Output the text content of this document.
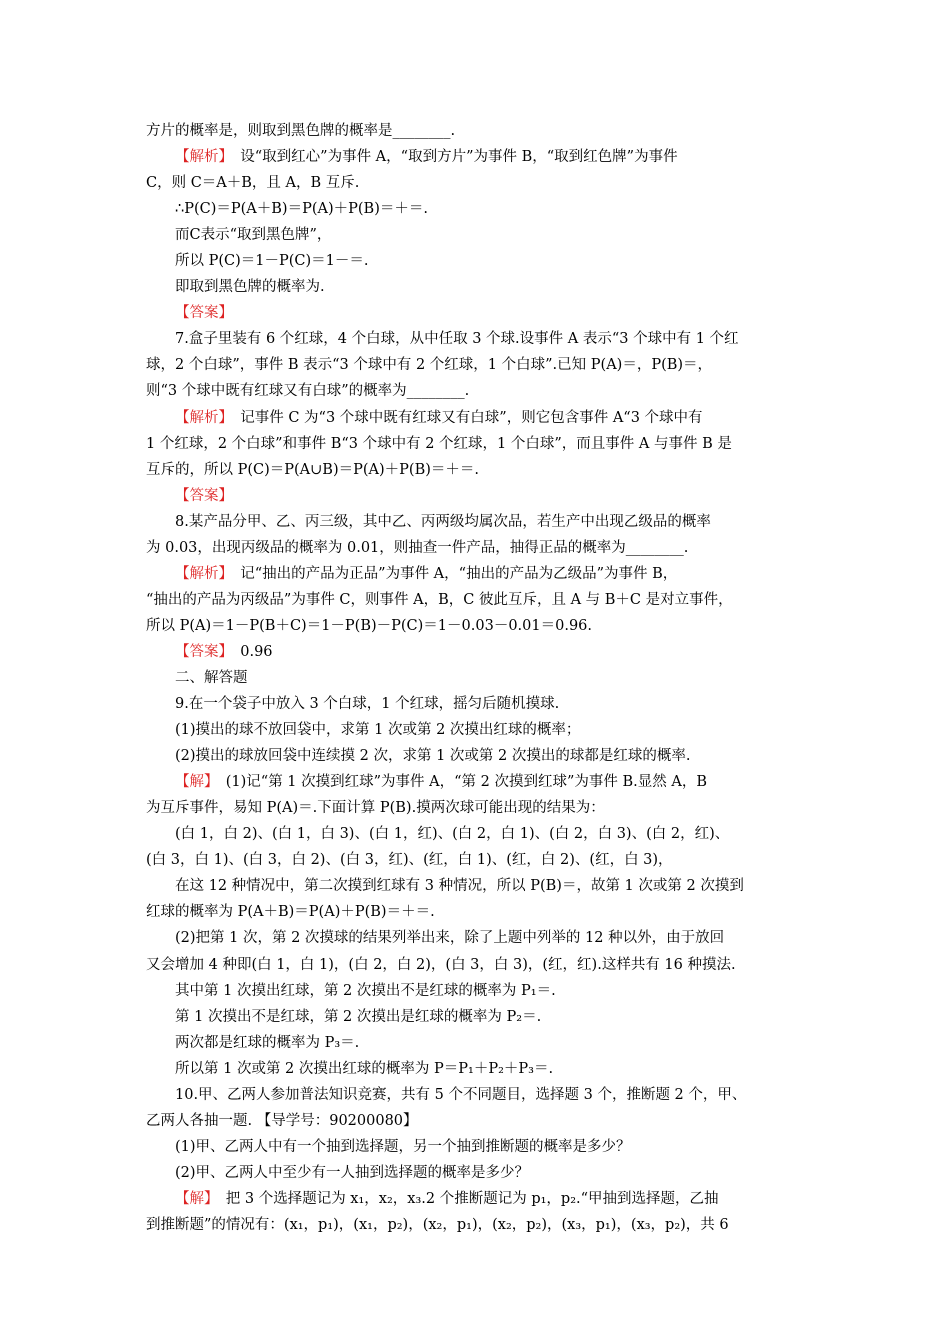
方片的概率是，则取到黑色牌的概率是________.
【解析】　设“取到红心”为事件 A，“取到方片”为事件 B，“取到红色牌”为事件
C，则 C＝A＋B，且 A，B 互斥.
∴P(C)＝P(A＋B)＝P(A)＋P(B)＝＋＝.
而C表示“取到黑色牌”，
所以 P(C)＝1－P(C)＝1－＝.
即取到黑色牌的概率为.
【答案】
7.盒子里装有 6 个红球，4 个白球，从中任取 3 个球.设事件 A 表示“3 个球中有 1 个红
球，2 个白球”，事件 B 表示“3 个球中有 2 个红球，1 个白球”.已知 P(A)＝，P(B)＝，
则“3 个球中既有红球又有白球”的概率为________.
【解析】　记事件 C 为“3 个球中既有红球又有白球”，则它包含事件 A“3 个球中有
1 个红球，2 个白球”和事件 B“3 个球中有 2 个红球，1 个白球”，而且事件 A 与事件 B 是
互斥的，所以 P(C)＝P(A∪B)＝P(A)＋P(B)＝＋＝.
【答案】
8.某产品分甲、乙、丙三级，其中乙、丙两级均属次品，若生产中出现乙级品的概率
为 0.03，出现丙级品的概率为 0.01，则抽查一件产品，抽得正品的概率为________.
【解析】　记“抽出的产品为正品”为事件 A，“抽出的产品为乙级品”为事件 B，
“抽出的产品为丙级品”为事件 C，则事件 A，B，C 彼此互斥，且 A 与 B＋C 是对立事件，
所以 P(A)＝1－P(B＋C)＝1－P(B)－P(C)＝1－0.03－0.01＝0.96.
【答案】　0.96
二、解答题
9.在一个袋子中放入 3 个白球，1 个红球，摇匀后随机摸球.
(1)摸出的球不放回袋中，求第 1 次或第 2 次摸出红球的概率；
(2)摸出的球放回袋中连续摸 2 次，求第 1 次或第 2 次摸出的球都是红球的概率.
【解】　(1)记“第 1 次摸到红球”为事件 A，“第 2 次摸到红球”为事件 B.显然 A，B
为互斥事件，易知 P(A)＝.下面计算 P(B).摸两次球可能出现的结果为：
(白 1，白 2)、(白 1，白 3)、(白 1，红)、(白 2，白 1)、(白 2，白 3)、(白 2，红)、
(白 3，白 1)、(白 3，白 2)、(白 3，红)、(红，白 1)、(红，白 2)、(红，白 3)，
在这 12 种情况中，第二次摸到红球有 3 种情况，所以 P(B)＝，故第 1 次或第 2 次摸到
红球的概率为 P(A＋B)＝P(A)＋P(B)＝＋＝.
(2)把第 1 次，第 2 次摸球的结果列举出来，除了上题中列举的 12 种以外，由于放回
又会增加 4 种即(白 1，白 1)，(白 2，白 2)，(白 3，白 3)，(红，红).这样共有 16 种摸法.
其中第 1 次摸出红球，第 2 次摸出不是红球的概率为 P₁＝.
第 1 次摸出不是红球，第 2 次摸出是红球的概率为 P₂＝.
两次都是红球的概率为 P₃＝.
所以第 1 次或第 2 次摸出红球的概率为 P＝P₁＋P₂＋P₃＝.
10.甲、乙两人参加普法知识竞赛，共有 5 个不同题目，选择题 3 个，推断题 2 个，甲、
乙两人各抽一题. 【导学号：90200080】
(1)甲、乙两人中有一个抽到选择题，另一个抽到推断题的概率是多少？
(2)甲、乙两人中至少有一人抽到选择题的概率是多少？
【解】　把 3 个选择题记为 x₁，x₂，x₃.2 个推断题记为 p₁，p₂.“甲抽到选择题，乙抽
到推断题”的情况有：(x₁，p₁)，(x₁，p₂)，(x₂，p₁)，(x₂，p₂)，(x₃，p₁)，(x₃，p₂)，共 6
